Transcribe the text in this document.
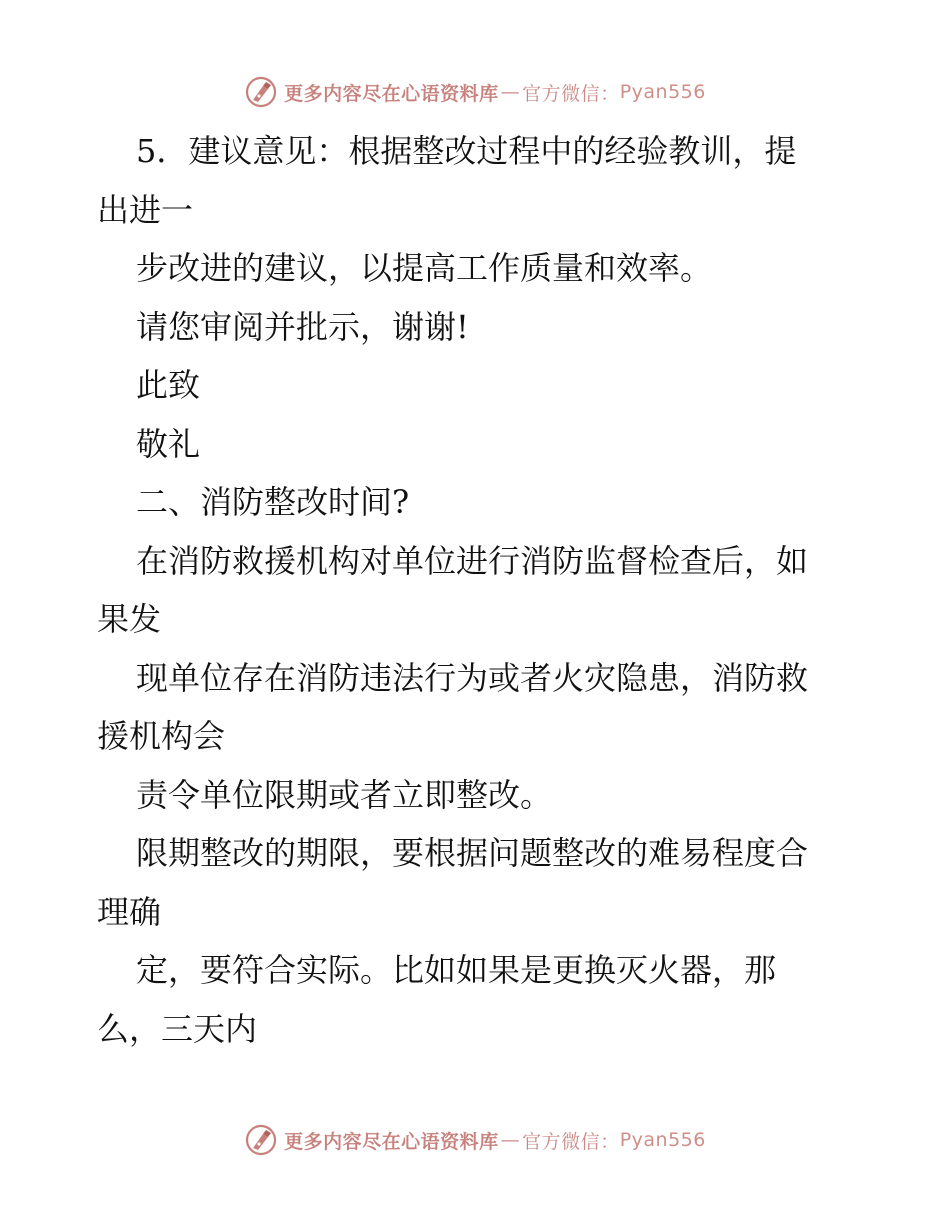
更多内容尽在心语资料库 — 官方微信： Pyan556
5．建议意见：根据整改过程中的经验教训，提
出进一
步改进的建议，以提高工作质量和效率。
请您审阅并批示，谢谢!
此致
敬礼
二、消防整改时间?
在消防救援机构对单位进行消防监督检查后，如
果发
现单位存在消防违法行为或者火灾隐患，消防救
援机构会
责令单位限期或者立即整改。
限期整改的期限，要根据问题整改的难易程度合
理确
定，要符合实际。比如如果是更换灭火器，那
么，三天内
更多内容尽在心语资料库 — 官方微信： Pyan556
